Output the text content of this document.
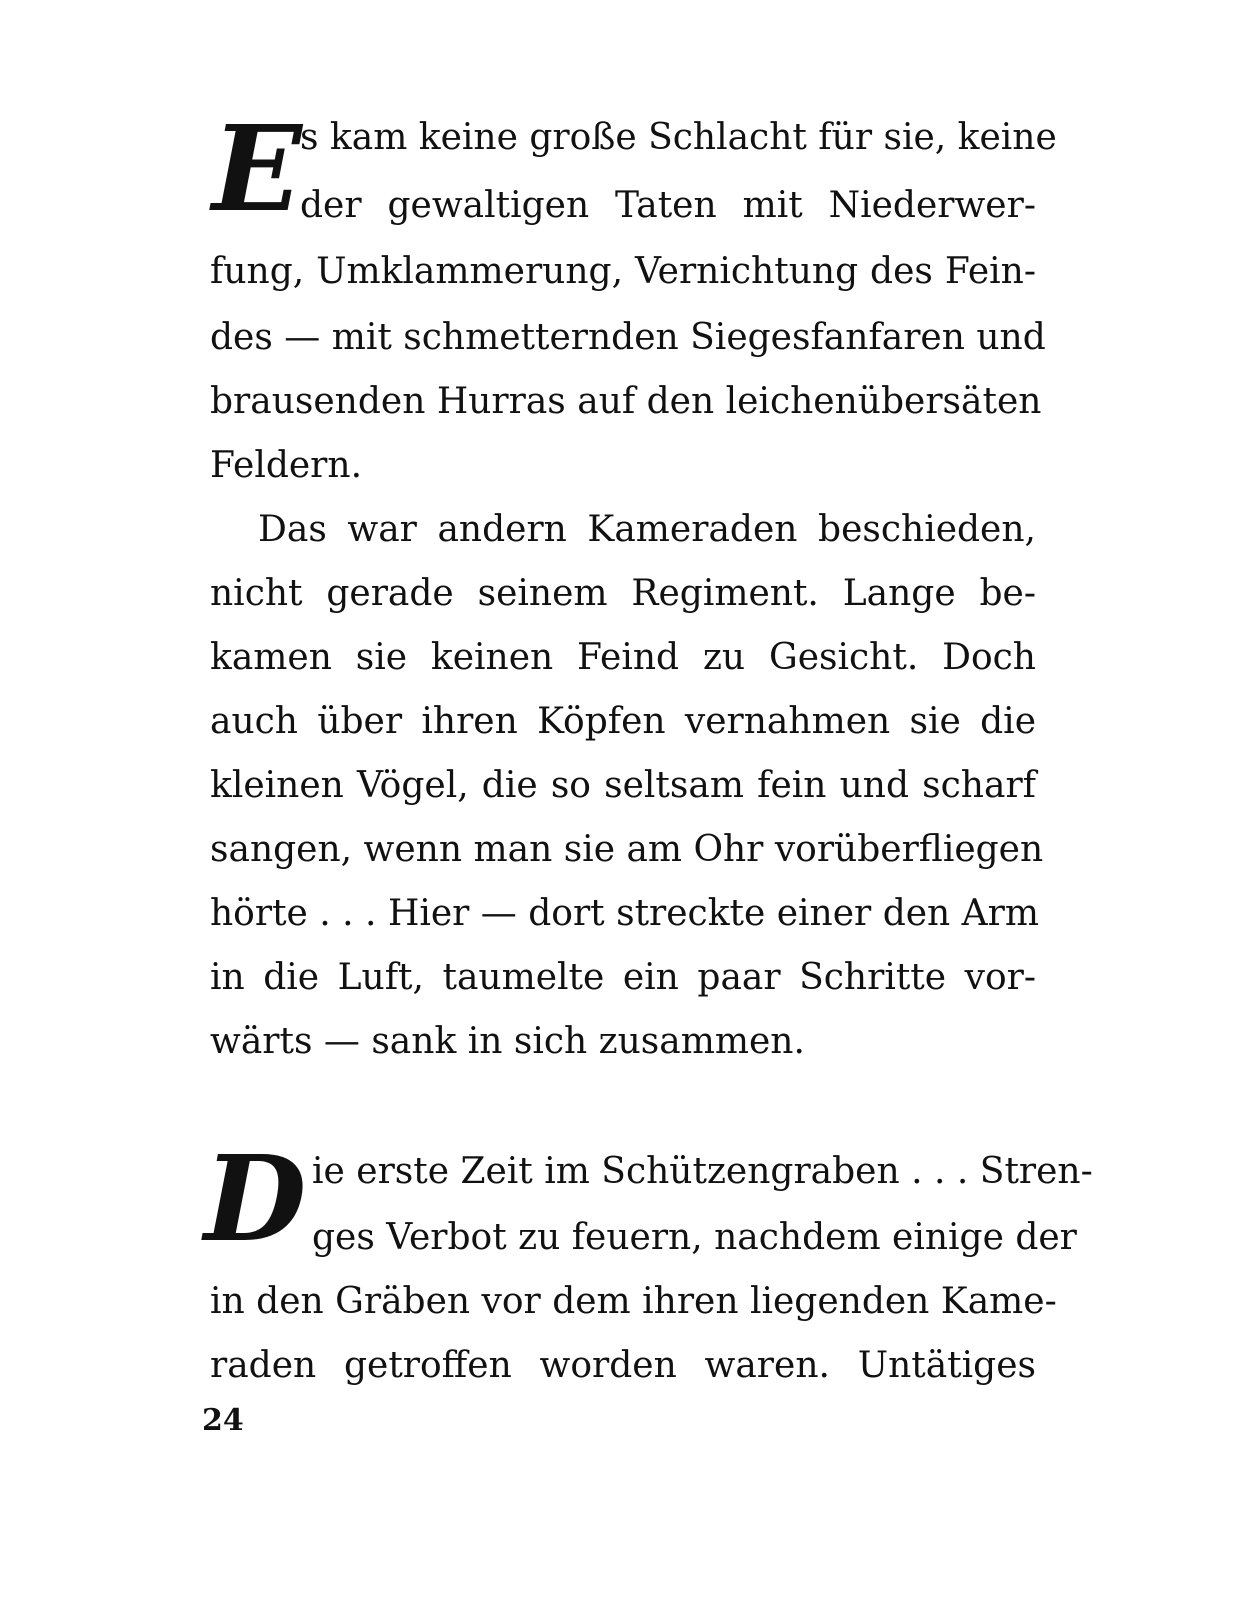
E
s kam keine große Schlacht für sie, keine
der gewaltigen Taten mit Niederwer-
fung, Umklammerung, Vernichtung des Fein-
des — mit schmetternden Siegesfanfaren und
brausenden Hurras auf den leichenübersäten
Feldern.
Das war andern Kameraden beschieden,
nicht gerade seinem Regiment. Lange be-
kamen sie keinen Feind zu Gesicht. Doch
auch über ihren Köpfen vernahmen sie die
kleinen Vögel, die so seltsam fein und scharf
sangen, wenn man sie am Ohr vorüberfliegen
hörte . . . Hier — dort streckte einer den Arm
in die Luft, taumelte ein paar Schritte vor-
wärts — sank in sich zusammen.
D ie erste Zeit im Schützengraben . . . Stren-
ges Verbot zu feuern, nachdem einige der
in den Gräben vor dem ihren liegenden Kame-
raden getroffen worden waren. Untätiges
24
